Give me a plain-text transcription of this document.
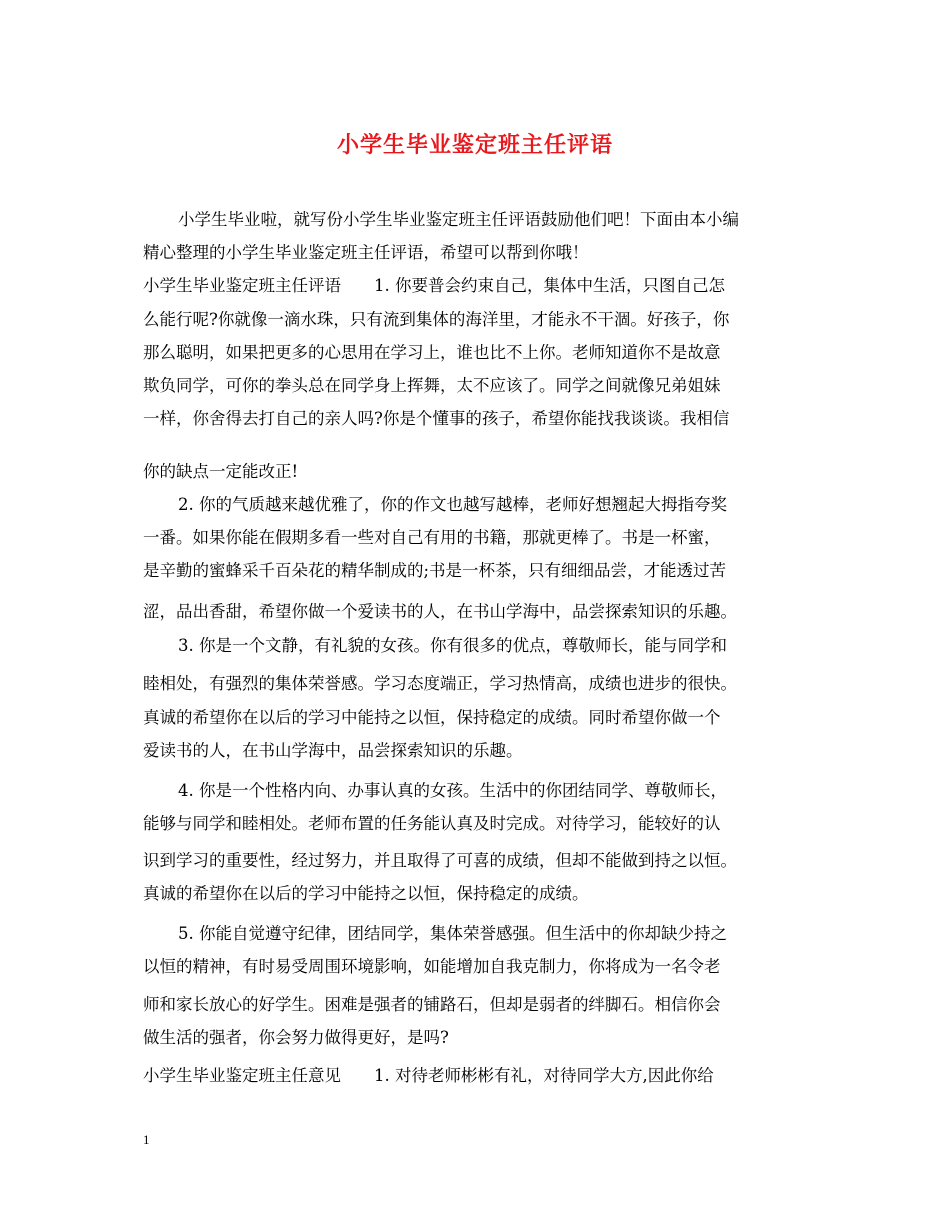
小学生毕业鉴定班主任评语
小学生毕业啦，就写份小学生毕业鉴定班主任评语鼓励他们吧！下面由本小编
精心整理的小学生毕业鉴定班主任评语，希望可以帮到你哦！
小学生毕业鉴定班主任评语　　1. 你要普会约束自己，集体中生活，只图自己怎
么能行呢?你就像一滴水珠，只有流到集体的海洋里，才能永不干涸。好孩子，你
那么聪明，如果把更多的心思用在学习上，谁也比不上你。老师知道你不是故意
欺负同学，可你的拳头总在同学身上挥舞，太不应该了。同学之间就像兄弟姐妹
一样，你舍得去打自己的亲人吗?你是个懂事的孩子，希望你能找我谈谈。我相信
你的缺点一定能改正!
2. 你的气质越来越优雅了，你的作文也越写越棒，老师好想翘起大拇指夸奖
一番。如果你能在假期多看一些对自己有用的书籍，那就更棒了。书是一杯蜜，
是辛勤的蜜蜂采千百朵花的精华制成的;书是一杯茶，只有细细品尝，才能透过苦
涩，品出香甜，希望你做一个爱读书的人，在书山学海中，品尝探索知识的乐趣。
3. 你是一个文静，有礼貌的女孩。你有很多的优点，尊敬师长，能与同学和
睦相处，有强烈的集体荣誉感。学习态度端正，学习热情高，成绩也进步的很快。
真诚的希望你在以后的学习中能持之以恒，保持稳定的成绩。同时希望你做一个
爱读书的人，在书山学海中，品尝探索知识的乐趣。
4. 你是一个性格内向、办事认真的女孩。生活中的你团结同学、尊敬师长，
能够与同学和睦相处。老师布置的任务能认真及时完成。对待学习，能较好的认
识到学习的重要性，经过努力，并且取得了可喜的成绩，但却不能做到持之以恒。
真诚的希望你在以后的学习中能持之以恒，保持稳定的成绩。
5. 你能自觉遵守纪律，团结同学，集体荣誉感强。但生活中的你却缺少持之
以恒的精神，有时易受周围环境影响，如能增加自我克制力，你将成为一名令老
师和家长放心的好学生。困难是强者的铺路石，但却是弱者的绊脚石。相信你会
做生活的强者，你会努力做得更好，是吗?
小学生毕业鉴定班主任意见　　1. 对待老师彬彬有礼，对待同学大方,因此你给
1
